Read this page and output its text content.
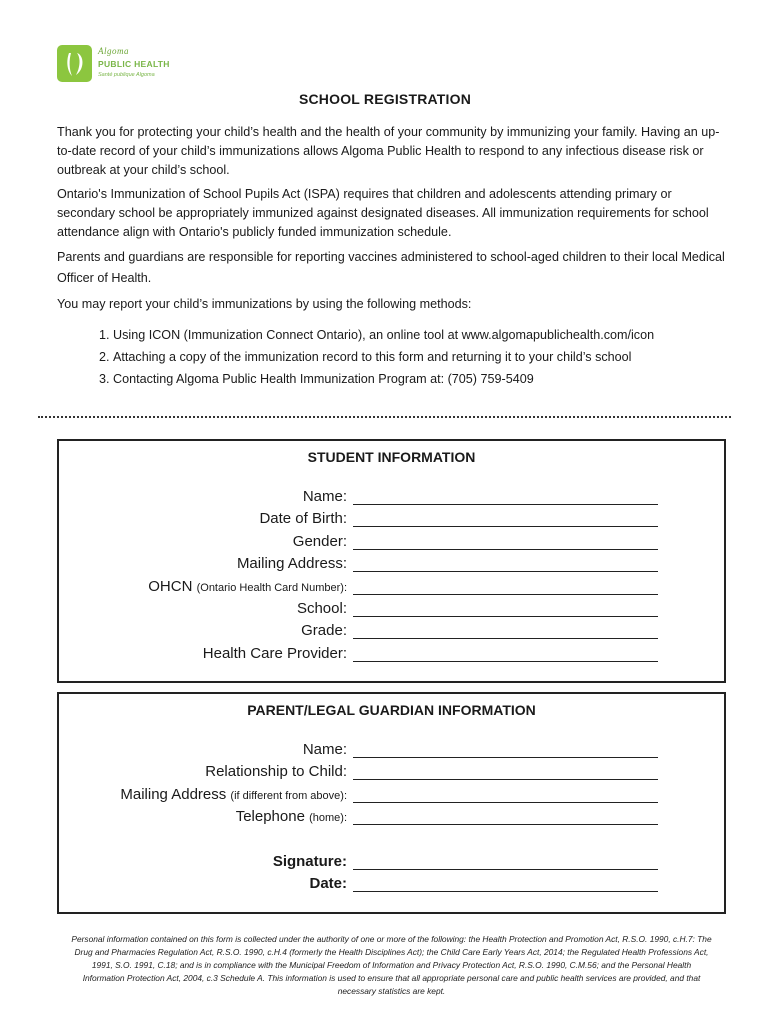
Algoma
PUBLIC HEALTH
Santé publique Algoma
SCHOOL REGISTRATION

Thank you for protecting your child’s health and the health of your community by immunizing your family. Having an up-to-date record of your child’s immunizations allows Algoma Public Health to respond to any infectious disease risk or outbreak at your child’s school.

Ontario's Immunization of School Pupils Act (ISPA) requires that children and adolescents attending primary or secondary school be appropriately immunized against designated diseases. All immunization requirements for school attendance align with Ontario's publicly funded immunization schedule.

Parents and guardians are responsible for reporting vaccines administered to school-aged children to their local Medical Officer of Health.

You may report your child’s immunizations by using the following methods:

1. Using ICON (Immunization Connect Ontario), an online tool at www.algomapublichealth.com/icon
2. Attaching a copy of the immunization record to this form and returning it to your child’s school
3. Contacting Algoma Public Health Immunization Program at: (705) 759-5409
STUDENT INFORMATION
Name:
Date of Birth:
Gender:
Mailing Address:
OHCN (Ontario Health Card Number):
School:
Grade:
Health Care Provider:
PARENT/LEGAL GUARDIAN INFORMATION
Name:
Relationship to Child:
Mailing Address (if different from above):
Telephone (home):
Signature:
Date:
Personal information contained on this form is collected under the authority of one or more of the following: the Health Protection and Promotion Act, R.S.O. 1990, c.H.7: The Drug and Pharmacies Regulation Act, R.S.O. 1990, c.H.4 (formerly the Health Disciplines Act); the Child Care Early Years Act, 2014; the Regulated Health Professions Act, 1991, S.O. 1991, C.18; and is in compliance with the Municipal Freedom of Information and Privacy Protection Act, R.S.O. 1990, C.M.56; and the Personal Health Information Protection Act, 2004, c.3 Schedule A. This information is used to ensure that all appropriate personal care and public health services are provided, and that necessary statistics are kept.
